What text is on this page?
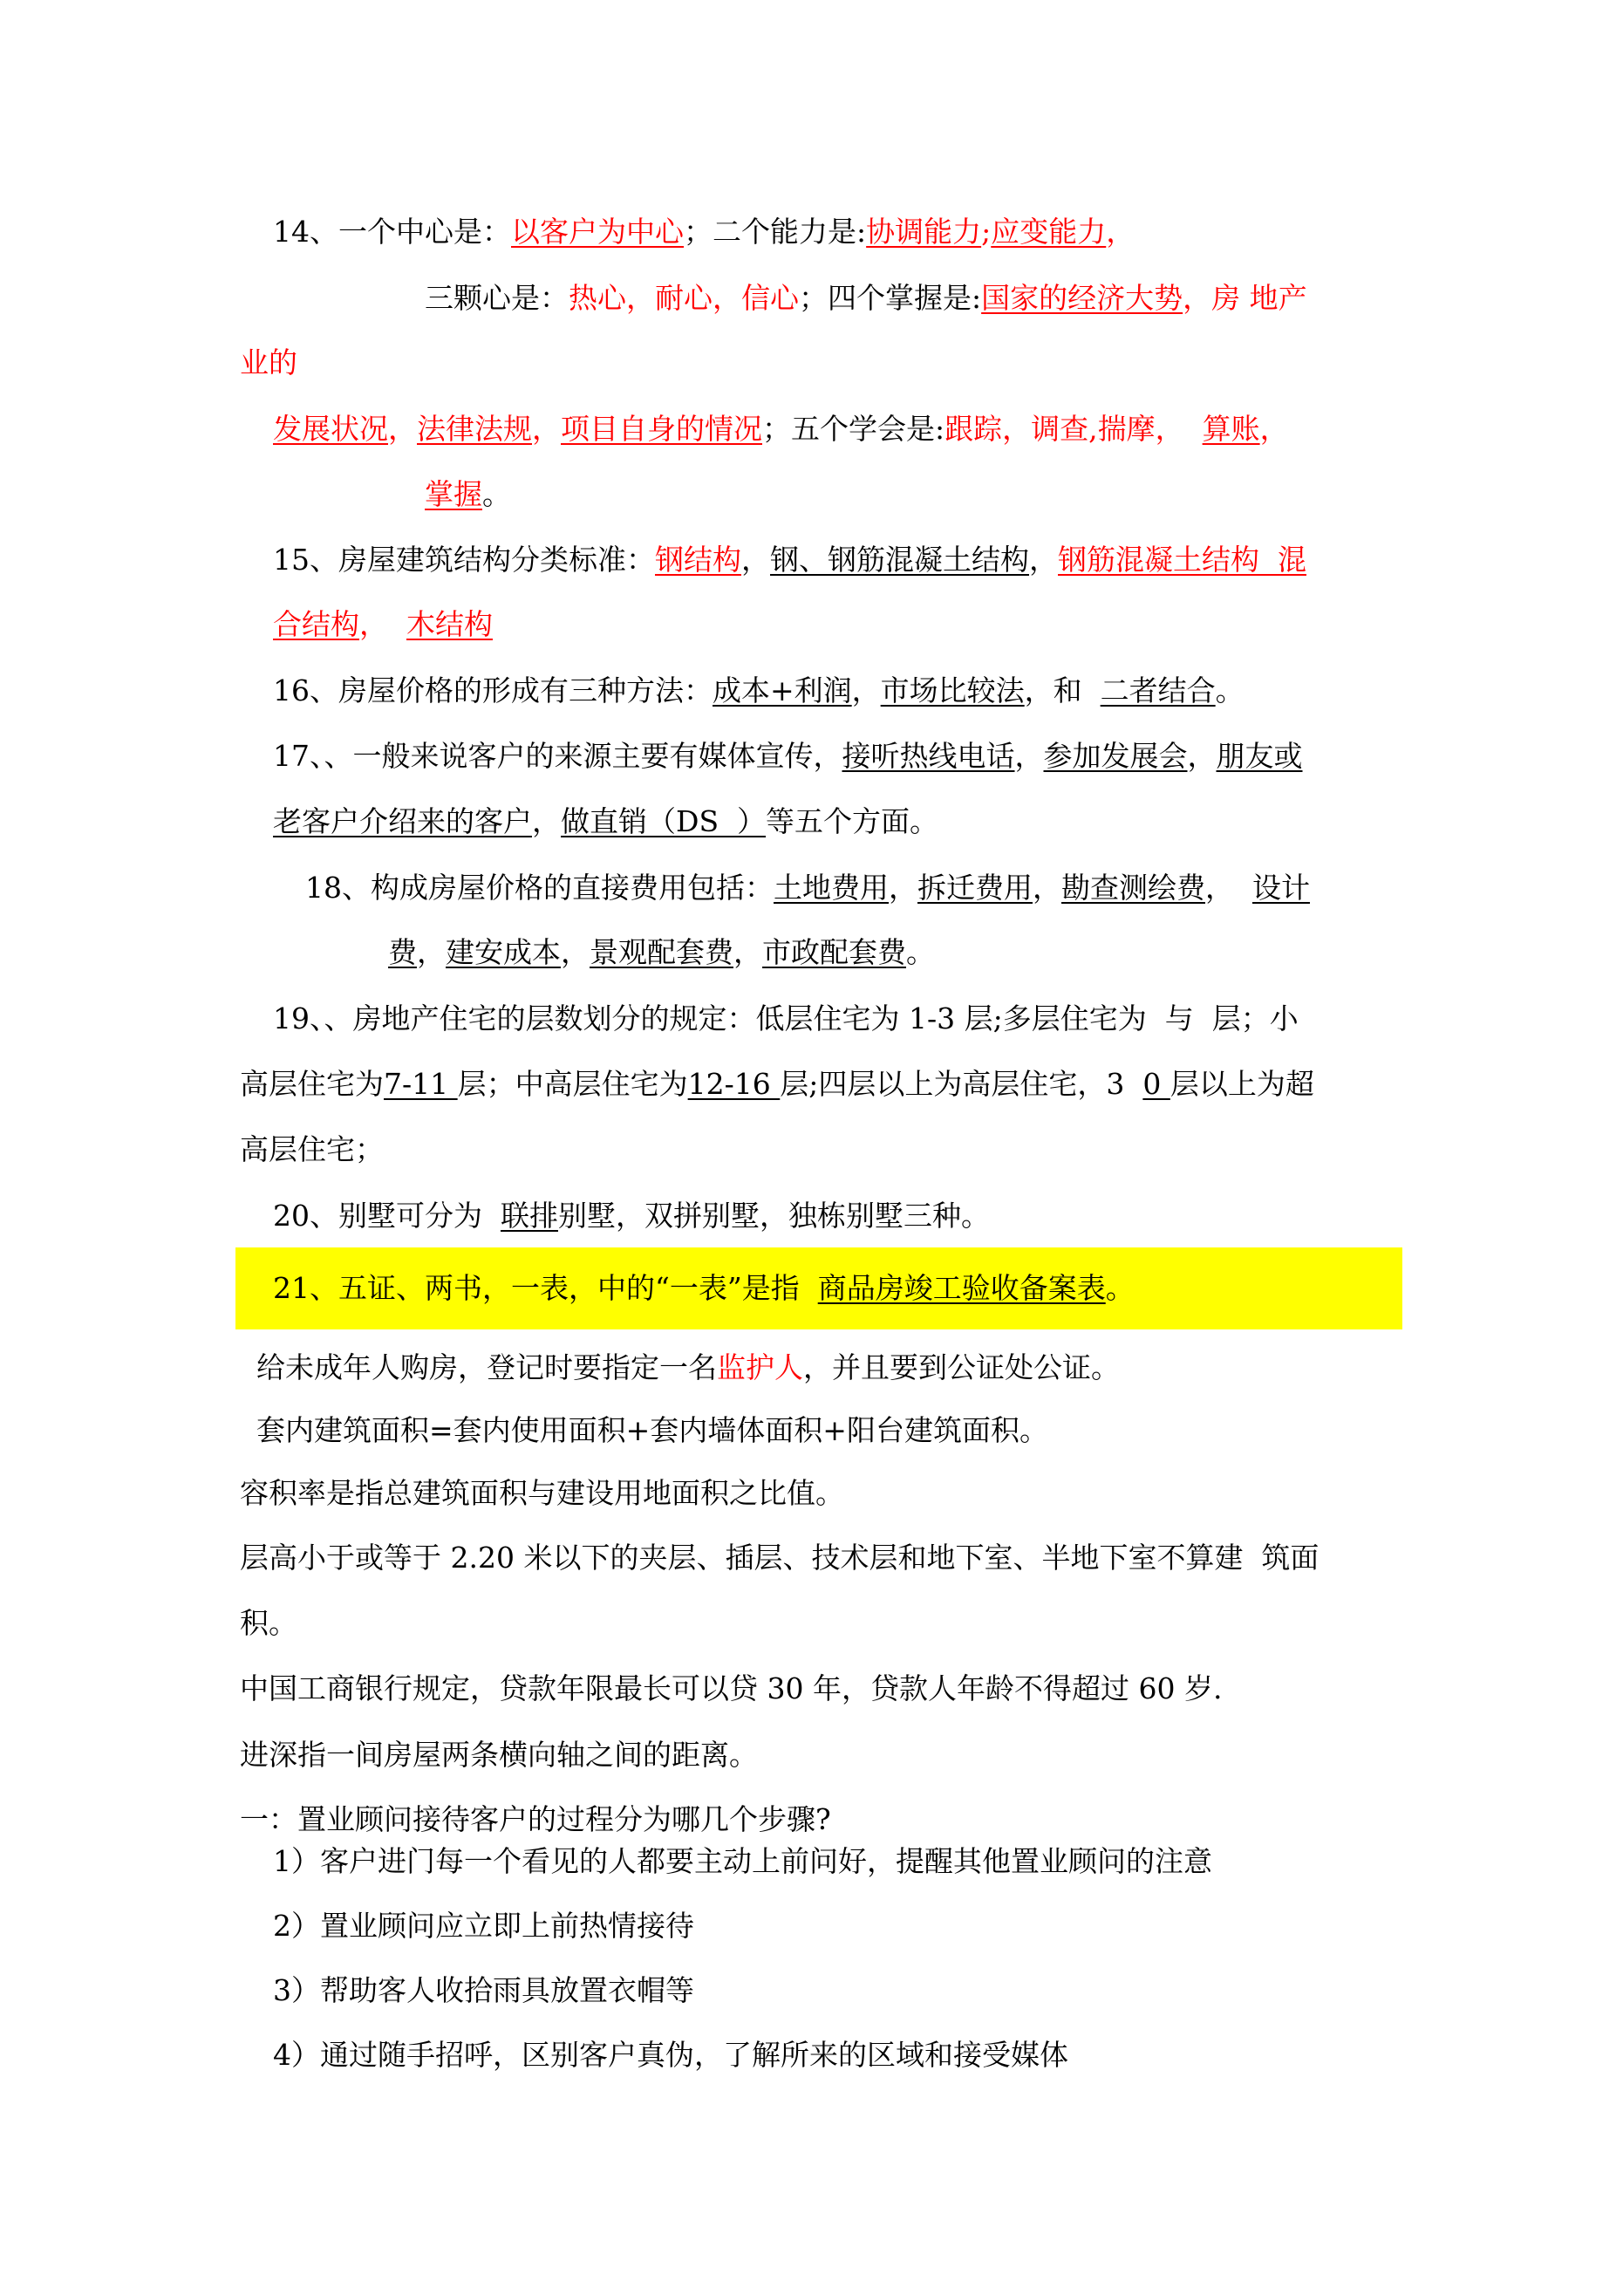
14、一个中心是：以客户为中心；二个能力是:协调能力;应变能力，
三颗心是：热心，耐心，信心；四个掌握是:国家的经济大势，房 地产
业的
发展状况，法律法规，项目自身的情况；五个学会是:跟踪，调查,揣摩， 算账，
掌握。
15、房屋建筑结构分类标准：钢结构，钢、钢筋混凝土结构，钢筋混凝土结构  混
合结构，  木结构
16、房屋价格的形成有三种方法：成本+利润，市场比较法，和  二者结合。
17、、一般来说客户的来源主要有媒体宣传，接听热线电话，参加发展会，朋友或
老客户介绍来的客户，做直销（DS  ）等五个方面。
18、构成房屋价格的直接费用包括：土地费用，拆迁费用，勘查测绘费，  设计
费，建安成本，景观配套费，市政配套费。
19、、房地产住宅的层数划分的规定：低层住宅为 1-3 层;多层住宅为  与  层；小
高层住宅为7-11 层；中高层住宅为12-16 层;四层以上为高层住宅，3  0 层以上为超
高层住宅；
20、别墅可分为  联排别墅，双拼别墅，独栋别墅三种。
21、五证、两书，一表，中的“一表”是指  商品房竣工验收备案表。
给未成年人购房，登记时要指定一名监护人，并且要到公证处公证。
套内建筑面积=套内使用面积+套内墙体面积+阳台建筑面积。
容积率是指总建筑面积与建设用地面积之比值。
层高小于或等于 2.20 米以下的夹层、插层、技术层和地下室、半地下室不算建  筑面
积。
中国工商银行规定，贷款年限最长可以贷 30 年，贷款人年龄不得超过 60 岁.
进深指一间房屋两条横向轴之间的距离。
一：置业顾问接待客户的过程分为哪几个步骤?
1）客户进门每一个看见的人都要主动上前问好，提醒其他置业顾问的注意
2）置业顾问应立即上前热情接待
3）帮助客人收拾雨具放置衣帽等
4）通过随手招呼，区别客户真伪，了解所来的区域和接受媒体
